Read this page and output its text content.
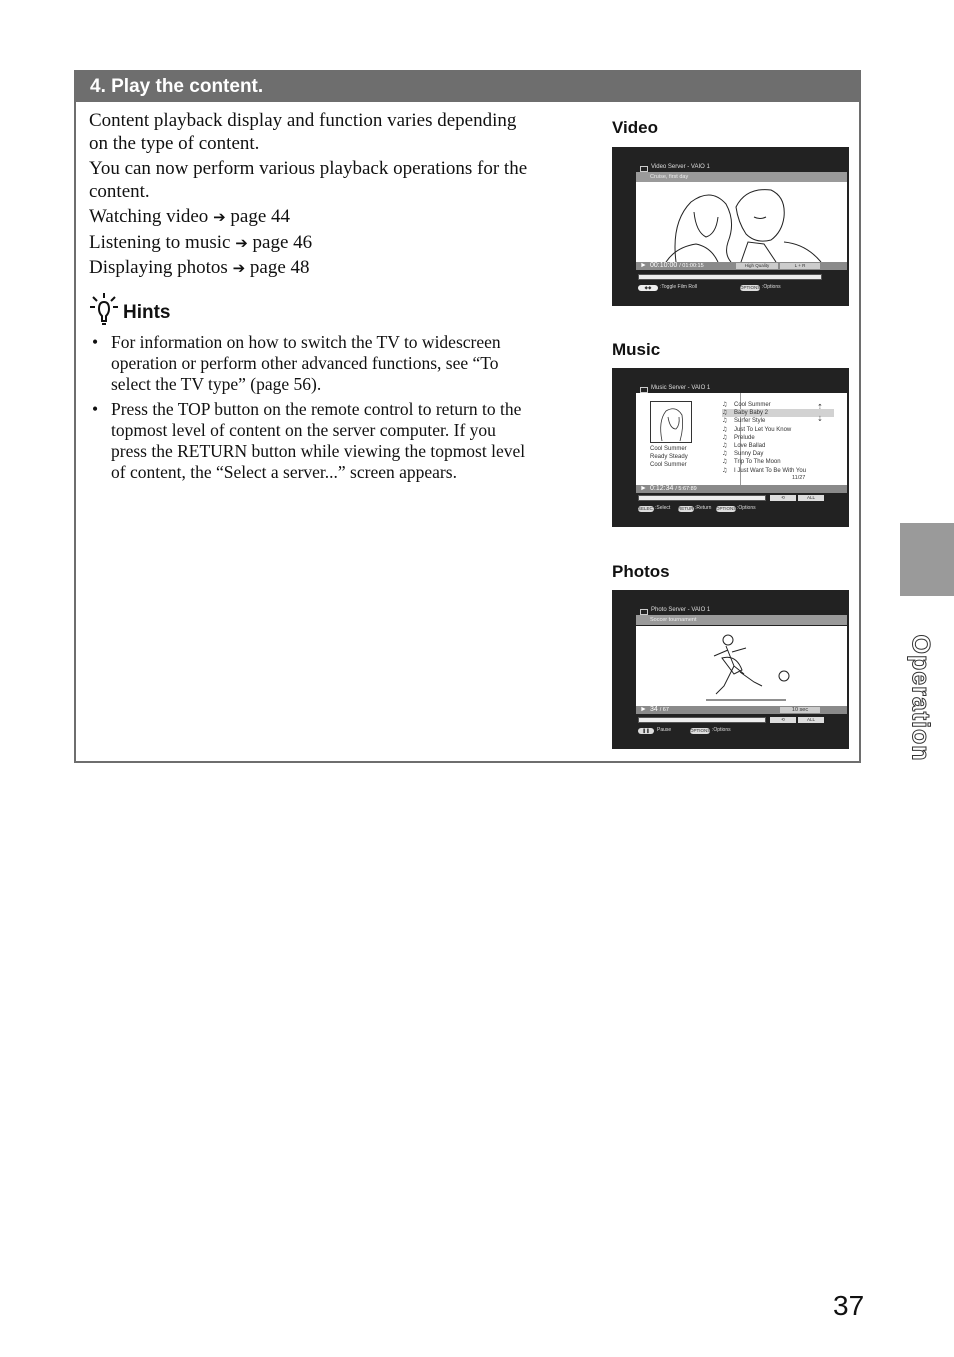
4. Play the content.

Content playback display and function varies depending on the type of content.

You can now perform various playback operations for the content.

Watching video ➔ page 44

Listening to music ➔ page 46

Displaying photos ➔ page 48

Hints
• For information on how to switch the TV to widescreen operation or perform other advanced functions, see “To select the TV type” (page 56).
• Press the TOP button on the remote control to return to the topmost level of content on the server computer. If you press the RETURN button while viewing the topmost level of content, the “Select a server...” screen appears.
Video
Video Server - VAIO 1
Cruise, first day
► 00:10:00 / 01:00:15	High Quality	L + R
◆◆	:Toggle Film Roll	OPTIONS :Options
Music
Music Server - VAIO 1
Cool Summer
Ready Steady
Cool Summer
♫ Cool Summer
♫ Baby Baby 2
♫ Surfer Style
♫ Just To Let You Know
♫ Prelude
♫ Love Ballad
♫ Sunny Day
♫ Trip To The Moon
♫ I Just Want To Be With You
⇡
⇣
11/27
► 0:12:34 / 5:67:89
⟲	ALL
SELECT :Select RETURN
:Return OPTIONS :Options
Photos
Photo Server - VAIO 1
Soccer tournament
► 34 / 67	10 sec
⟲	ALL
❚❚	Pause	OPTIONS :Options	Operation
37
